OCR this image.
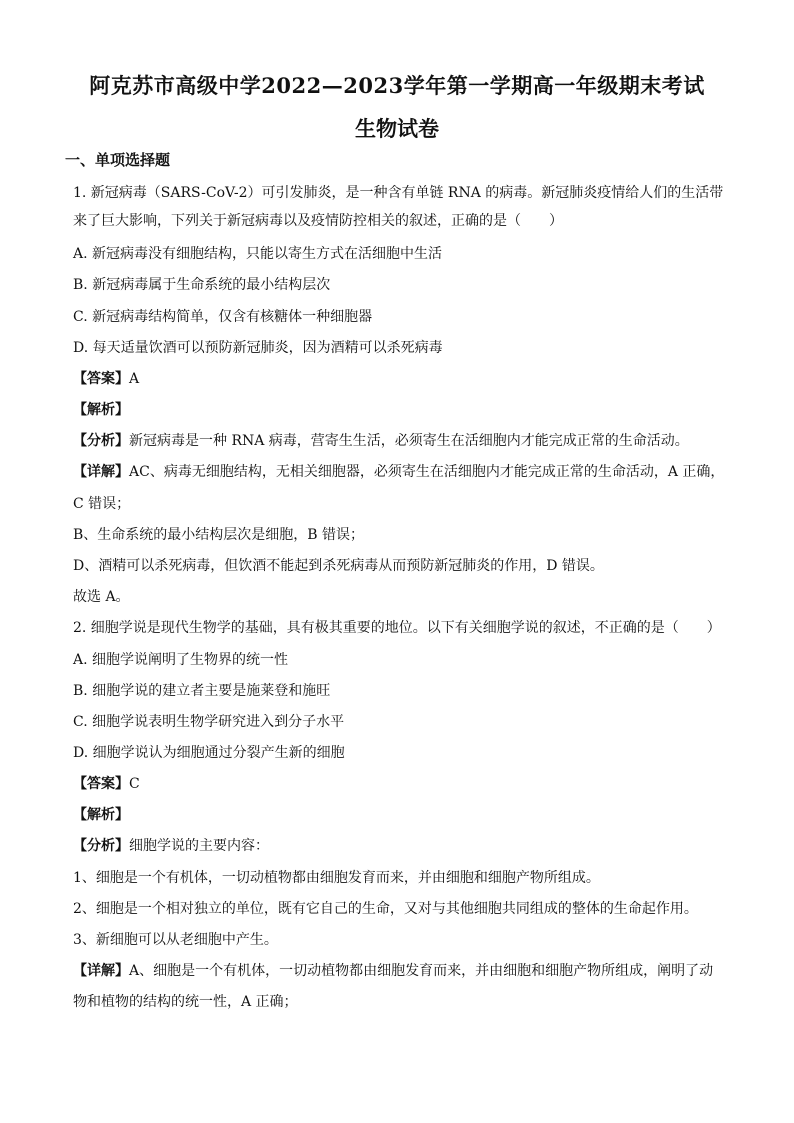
阿克苏市高级中学2022—2023学年第一学期高一年级期末考试
生物试卷
一、单项选择题
1. 新冠病毒（SARS-CoV-2）可引发肺炎，是一种含有单链 RNA 的病毒。新冠肺炎疫情给人们的生活带
来了巨大影响，下列关于新冠病毒以及疫情防控相关的叙述，正确的是（　　）
A. 新冠病毒没有细胞结构，只能以寄生方式在活细胞中生活
B. 新冠病毒属于生命系统的最小结构层次
C. 新冠病毒结构简单，仅含有核糖体一种细胞器
D. 每天适量饮酒可以预防新冠肺炎，因为酒精可以杀死病毒
【答案】A
【解析】
【分析】新冠病毒是一种 RNA 病毒，营寄生生活，必须寄生在活细胞内才能完成正常的生命活动。
【详解】AC、病毒无细胞结构，无相关细胞器，必须寄生在活细胞内才能完成正常的生命活动，A 正确，
C 错误；
B、生命系统的最小结构层次是细胞，B 错误；
D、酒精可以杀死病毒，但饮酒不能起到杀死病毒从而预防新冠肺炎的作用，D 错误。
故选 A。
2. 细胞学说是现代生物学的基础，具有极其重要的地位。以下有关细胞学说的叙述，不正确的是（　　）
A. 细胞学说阐明了生物界的统一性
B. 细胞学说的建立者主要是施莱登和施旺
C. 细胞学说表明生物学研究进入到分子水平
D. 细胞学说认为细胞通过分裂产生新的细胞
【答案】C
【解析】
【分析】细胞学说的主要内容：
1、细胞是一个有机体，一切动植物都由细胞发育而来，并由细胞和细胞产物所组成。
2、细胞是一个相对独立的单位，既有它自己的生命，又对与其他细胞共同组成的整体的生命起作用。
3、新细胞可以从老细胞中产生。
【详解】A、细胞是一个有机体，一切动植物都由细胞发育而来，并由细胞和细胞产物所组成，阐明了动
物和植物的结构的统一性，A 正确；
